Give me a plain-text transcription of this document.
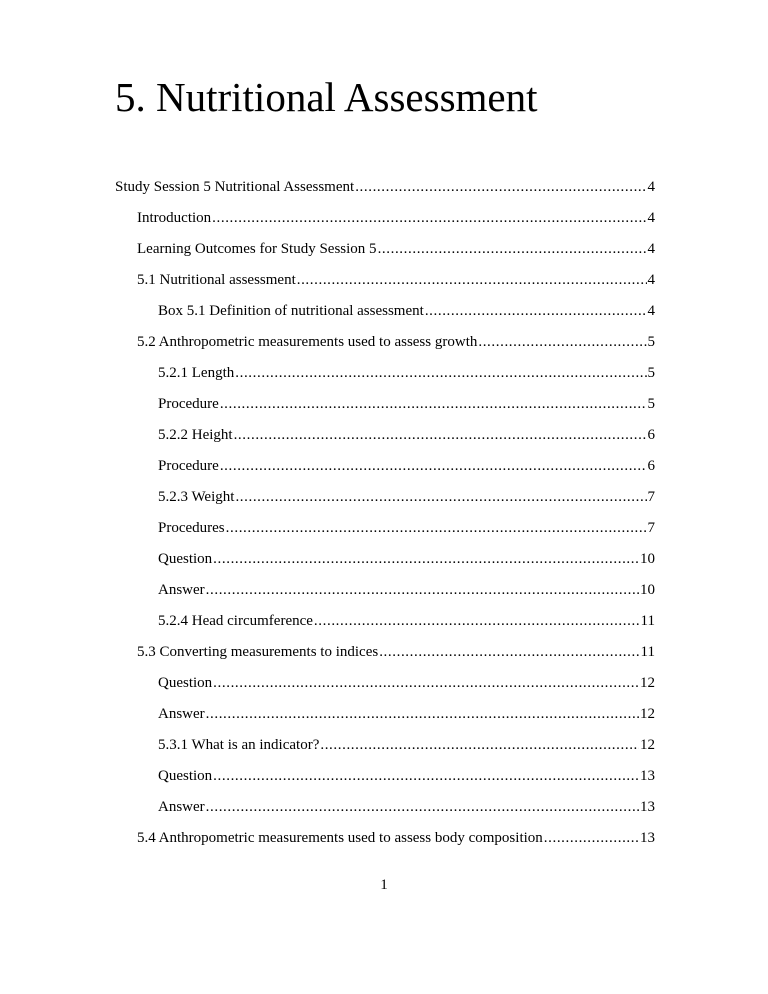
5. Nutritional Assessment
Study Session 5 Nutritional Assessment .....	4
Introduction .....	4
Learning Outcomes for Study Session 5 .....	4
5.1 Nutritional assessment .....	4
Box 5.1 Definition of nutritional assessment .....	4
5.2 Anthropometric measurements used to assess growth .....	5
5.2.1 Length .....	5
Procedure .....	5
5.2.2 Height .....	6
Procedure .....	6
5.2.3 Weight .....	7
Procedures .....	7
Question .....	10
Answer .....	10
5.2.4 Head circumference .....	11
5.3 Converting measurements to indices .....	11
Question .....	12
Answer .....	12
5.3.1 What is an indicator? .....	12
Question .....	13
Answer .....	13
5.4 Anthropometric measurements used to assess body composition .....	13
1
